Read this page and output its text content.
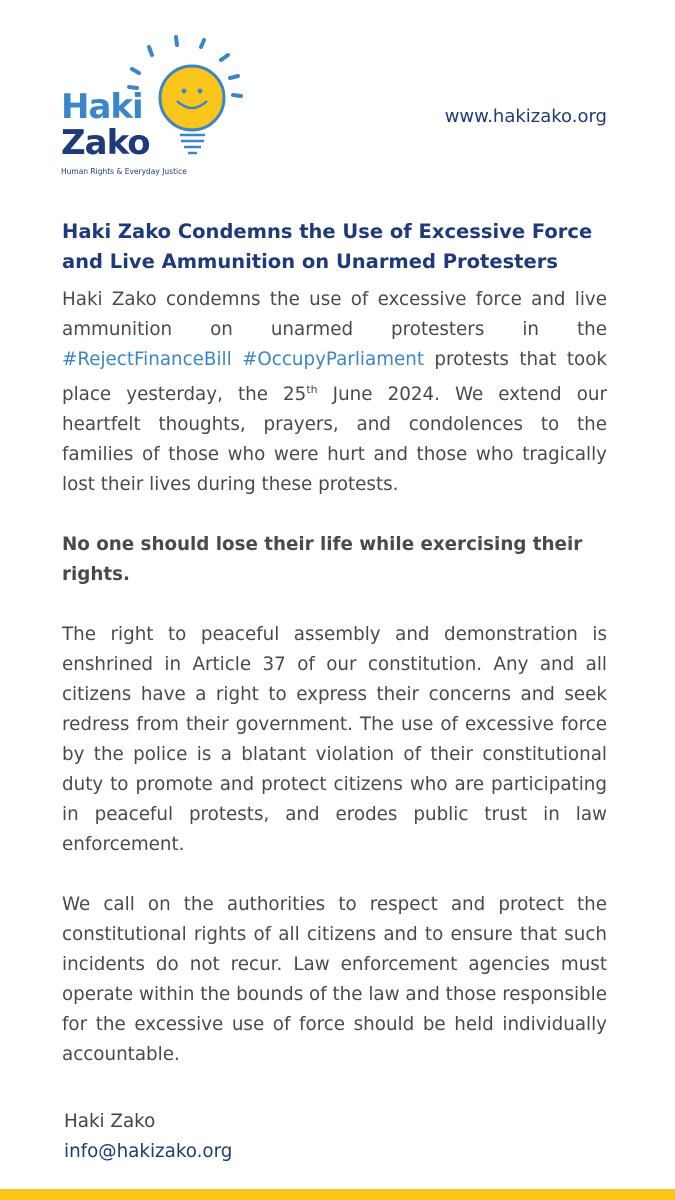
Haki
Zako
Human Rights & Everyday Justice
www.hakizako.org
Haki Zako Condemns the Use of Excessive Force and Live Ammunition on Unarmed Protesters

Haki Zako condemns the use of excessive force and live ammunition on unarmed protesters in the #RejectFinanceBill #OccupyParliament protests that took place yesterday, the 25th June 2024. We extend our heartfelt thoughts, prayers, and condolences to the families of those who were hurt and those who tragically lost their lives during these protests.

No one should lose their life while exercising their rights.

The right to peaceful assembly and demonstration is enshrined in Article 37 of our constitution. Any and all citizens have a right to express their concerns and seek redress from their government. The use of excessive force by the police is a blatant violation of their constitutional duty to promote and protect citizens who are participating in peaceful protests, and erodes public trust in law enforcement.

We call on the authorities to respect and protect the constitutional rights of all citizens and to ensure that such incidents do not recur. Law enforcement agencies must operate within the bounds of the law and those responsible for the excessive use of force should be held individually accountable.

Haki Zako
info@hakizako.org
